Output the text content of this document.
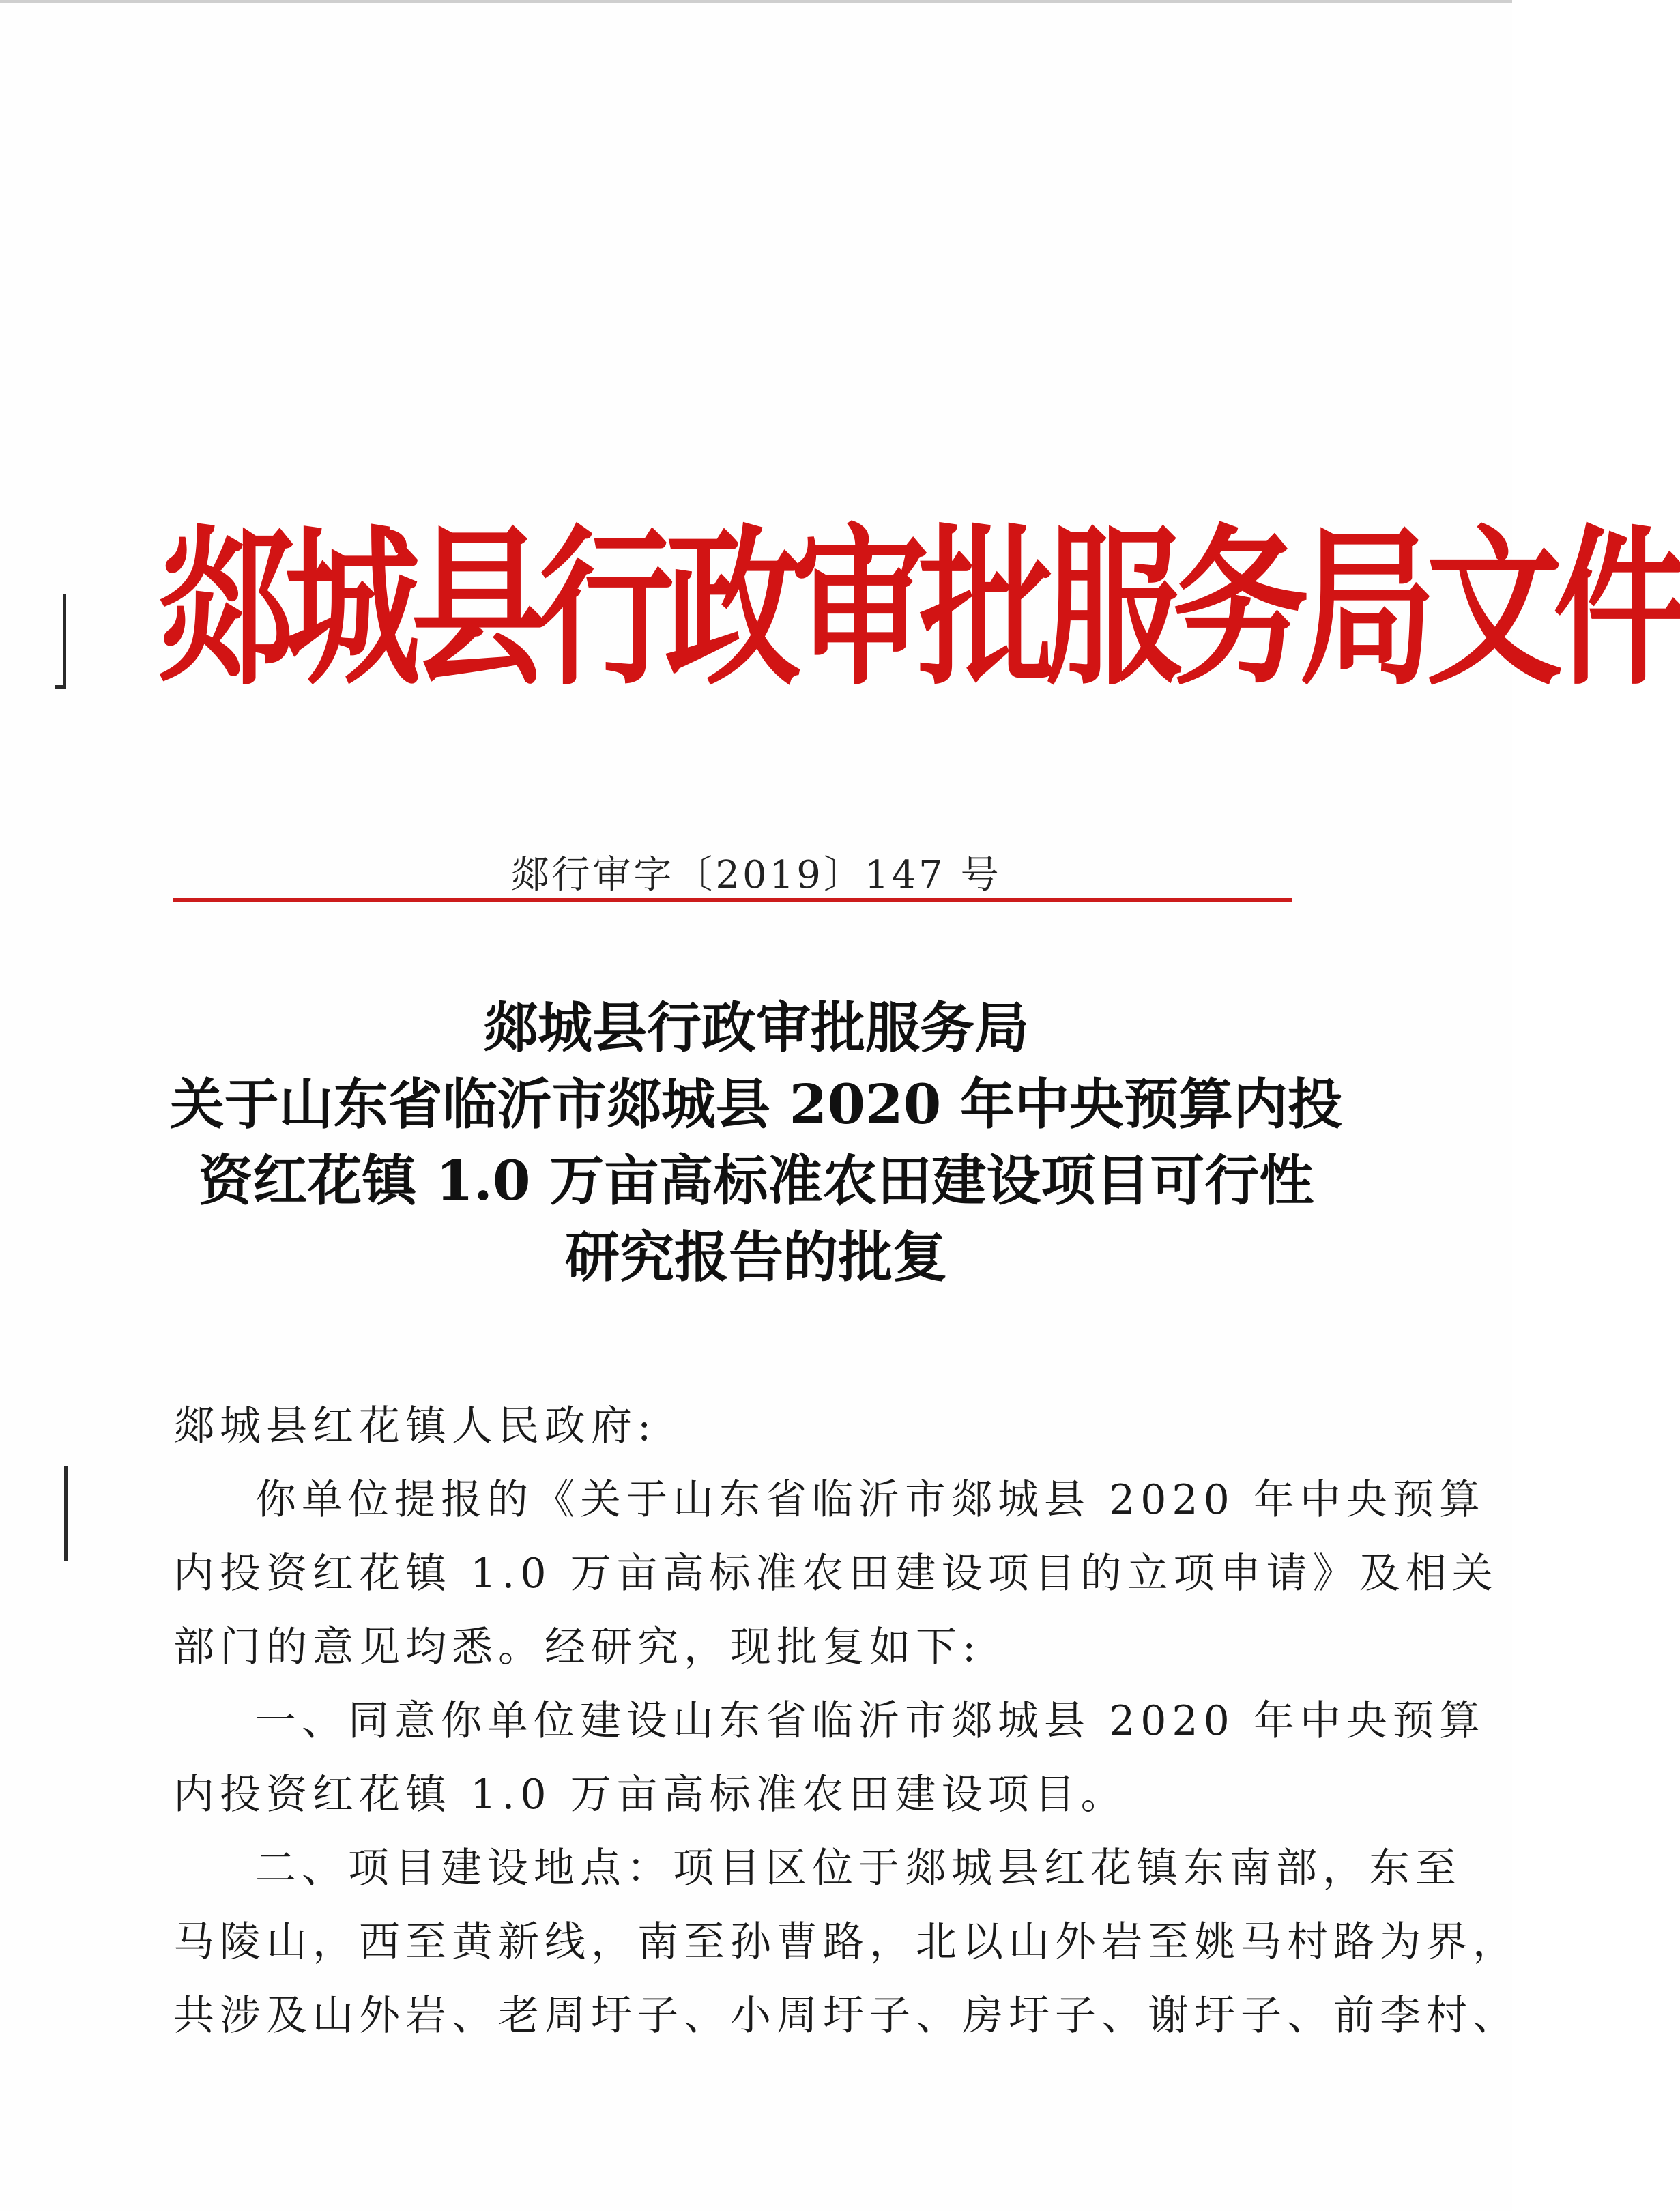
郯城县行政审批服务局文件
郯行审字〔2019〕147 号
郯城县行政审批服务局
关于山东省临沂市郯城县 2020 年中央预算内投
资红花镇 1.0 万亩高标准农田建设项目可行性
研究报告的批复

郯城县红花镇人民政府:

你单位提报的《关于山东省临沂市郯城县 2020 年中央预算

内投资红花镇 1.0 万亩高标准农田建设项目的立项申请》及相关

部门的意见均悉。经研究，现批复如下:

一、同意你单位建设山东省临沂市郯城县 2020 年中央预算

内投资红花镇 1.0 万亩高标准农田建设项目。

二、项目建设地点：项目区位于郯城县红花镇东南部，东至

马陵山，西至黄新线，南至孙曹路，北以山外岩至姚马村路为界，

共涉及山外岩、老周圩子、小周圩子、房圩子、谢圩子、前李村、
